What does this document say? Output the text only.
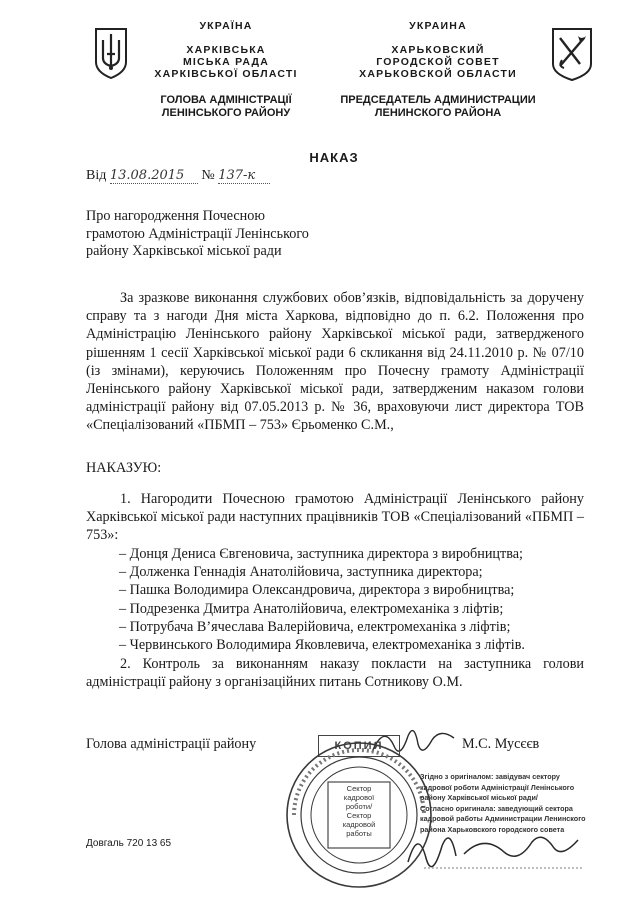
УКРАЇНА
ХАРКІВСЬКА
МІСЬКА РАДА
ХАРКІВСЬКОЇ ОБЛАСТІ
ГОЛОВА АДМІНІСТРАЦІЇ
ЛЕНІНСЬКОГО РАЙОНУ
УКРАИНА
ХАРЬКОВСКИЙ
ГОРОДСКОЙ СОВЕТ
ХАРЬКОВСКОЙ ОБЛАСТИ
ПРЕДСЕДАТЕЛЬ АДМИНИСТРАЦИИ
ЛЕНИНСКОГО РАЙОНА
НАКАЗ
Від 13.08.2015 № 137-к
Про нагородження Почесною
грамотою Адміністрації Ленінського
району Харківської міської ради

За зразкове виконання службових обов’язків, відповідальність за доручену справу та з нагоди Дня міста Харкова, відповідно до п. 6.2. Положення про Адміністрацію Ленінського району Харківської міської ради, затвердженого рішенням 1 сесії Харківської міської ради 6 скликання від 24.11.2010 р. № 07/10 (із змінами), керуючись Положенням про Почесну грамоту Адміністрації Ленінського району Харківської міської ради, затвердженим наказом голови адміністрації району від 07.05.2013 р. № 36, враховуючи лист директора ТОВ «Спеціалізований «ПБМП – 753» Єрьоменко С.М.,

НАКАЗУЮ:

1. Нагородити Почесною грамотою Адміністрації Ленінського району Харківської міської ради наступних працівників ТОВ «Спеціалізований «ПБМП – 753»:

– Донця Дениса Євгеновича, заступника директора з виробництва;
– Долженка Геннадія Анатолійовича, заступника директора;
– Пашка Володимира Олександровича, директора з виробництва;
– Подрезенка Дмитра Анатолійовича, електромеханіка з ліфтів;
– Потрубача В’ячеслава Валерійовича, електромеханіка з ліфтів;
– Червинського Володимира Яковлевича, електромеханіка з ліфтів.

2. Контроль за виконанням наказу покласти на заступника голови адміністрації району з організаційних питань Сотникову О.М.

Голова адміністрації району	М.С. Мусєєв
КОПИЯ
Сектор
кадрової
роботи/
Сектор
кадровой
работы
Згідно з оригіналом: завідувач сектору
кадрової роботи Адміністрації Ленінського
району Харківської міської ради/
Согласно оригинала: заведующий сектора
кадровой работы Администрации Ленинского
района Харьковского городского совета
Довгаль 720 13 65
